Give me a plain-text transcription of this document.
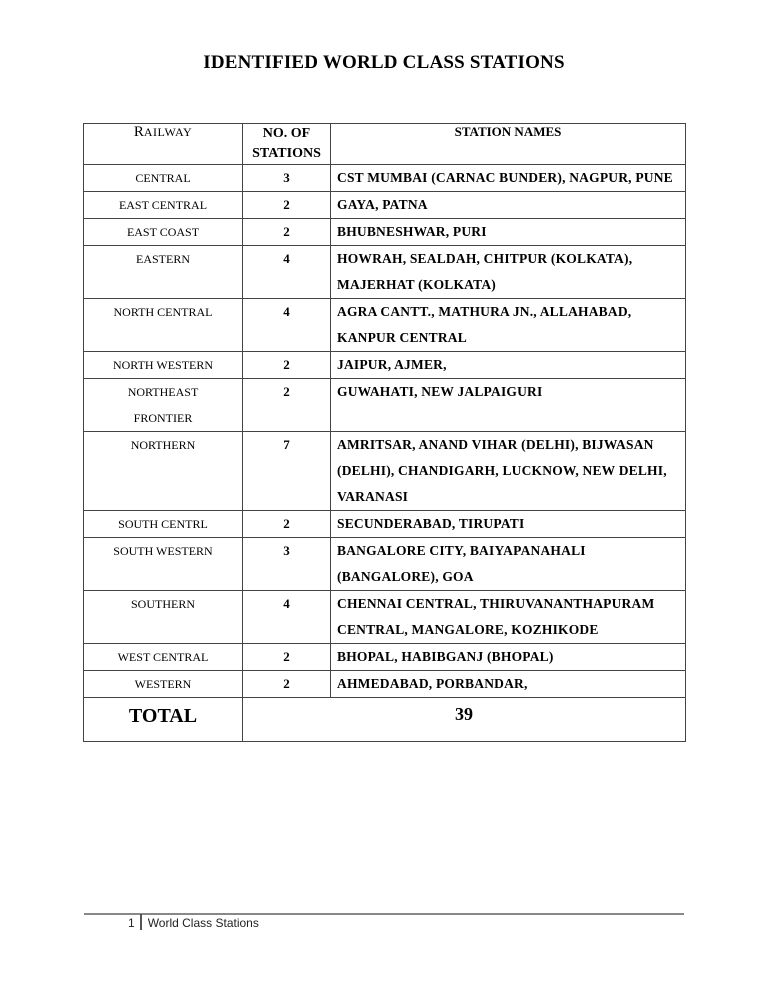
IDENTIFIED WORLD CLASS STATIONS
RAILWAY	NO. OF STATIONS	STATION NAMES
CENTRAL	3	CST MUMBAI (CARNAC BUNDER), NAGPUR, PUNE
EAST CENTRAL	2	GAYA, PATNA
EAST COAST	2	BHUBNESHWAR, PURI
EASTERN	4	HOWRAH, SEALDAH, CHITPUR (KOLKATA), MAJERHAT (KOLKATA)
NORTH CENTRAL	4	AGRA CANTT., MATHURA JN., ALLAHABAD, KANPUR CENTRAL
NORTH WESTERN	2	JAIPUR, AJMER,
NORTHEAST FRONTIER	2	GUWAHATI, NEW JALPAIGURI
NORTHERN	7	AMRITSAR, ANAND VIHAR (DELHI), BIJWASAN (DELHI), CHANDIGARH, LUCKNOW, NEW DELHI, VARANASI
SOUTH CENTRL	2	SECUNDERABAD, TIRUPATI
SOUTH WESTERN	3	BANGALORE CITY, BAIYAPANAHALI (BANGALORE), GOA
SOUTHERN	4	CHENNAI CENTRAL, THIRUVANANTHAPURAM CENTRAL, MANGALORE, KOZHIKODE
WEST CENTRAL	2	BHOPAL, HABIBGANJ (BHOPAL)
WESTERN	2	AHMEDABAD, PORBANDAR,
TOTAL	39	
1	World Class Stations
